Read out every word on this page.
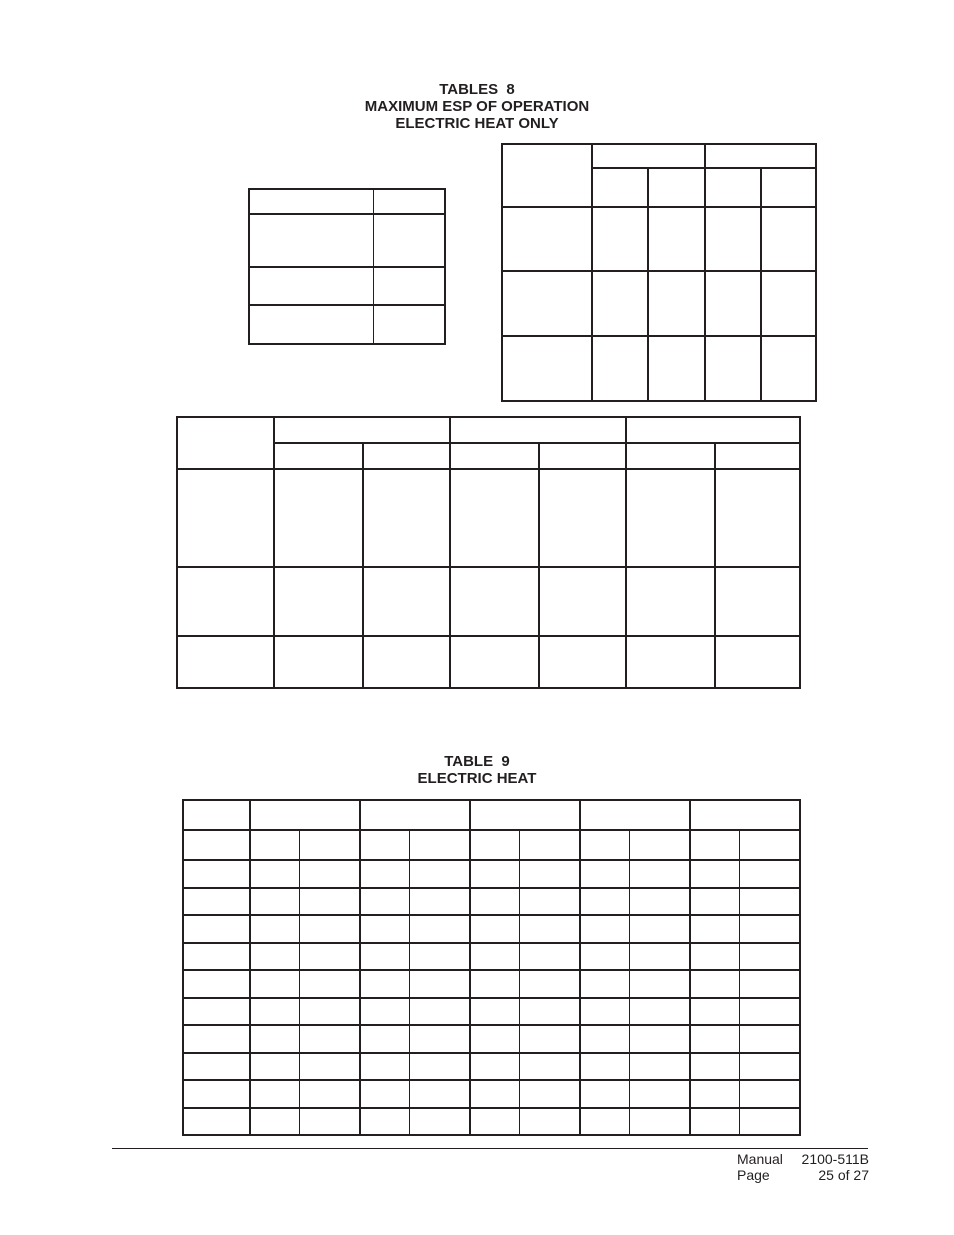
TABLES  8
MAXIMUM ESP OF OPERATION
ELECTRIC HEAT ONLY

TABLE  9
ELECTRIC HEAT

Manual 2100-511B
Page	25 of 27
